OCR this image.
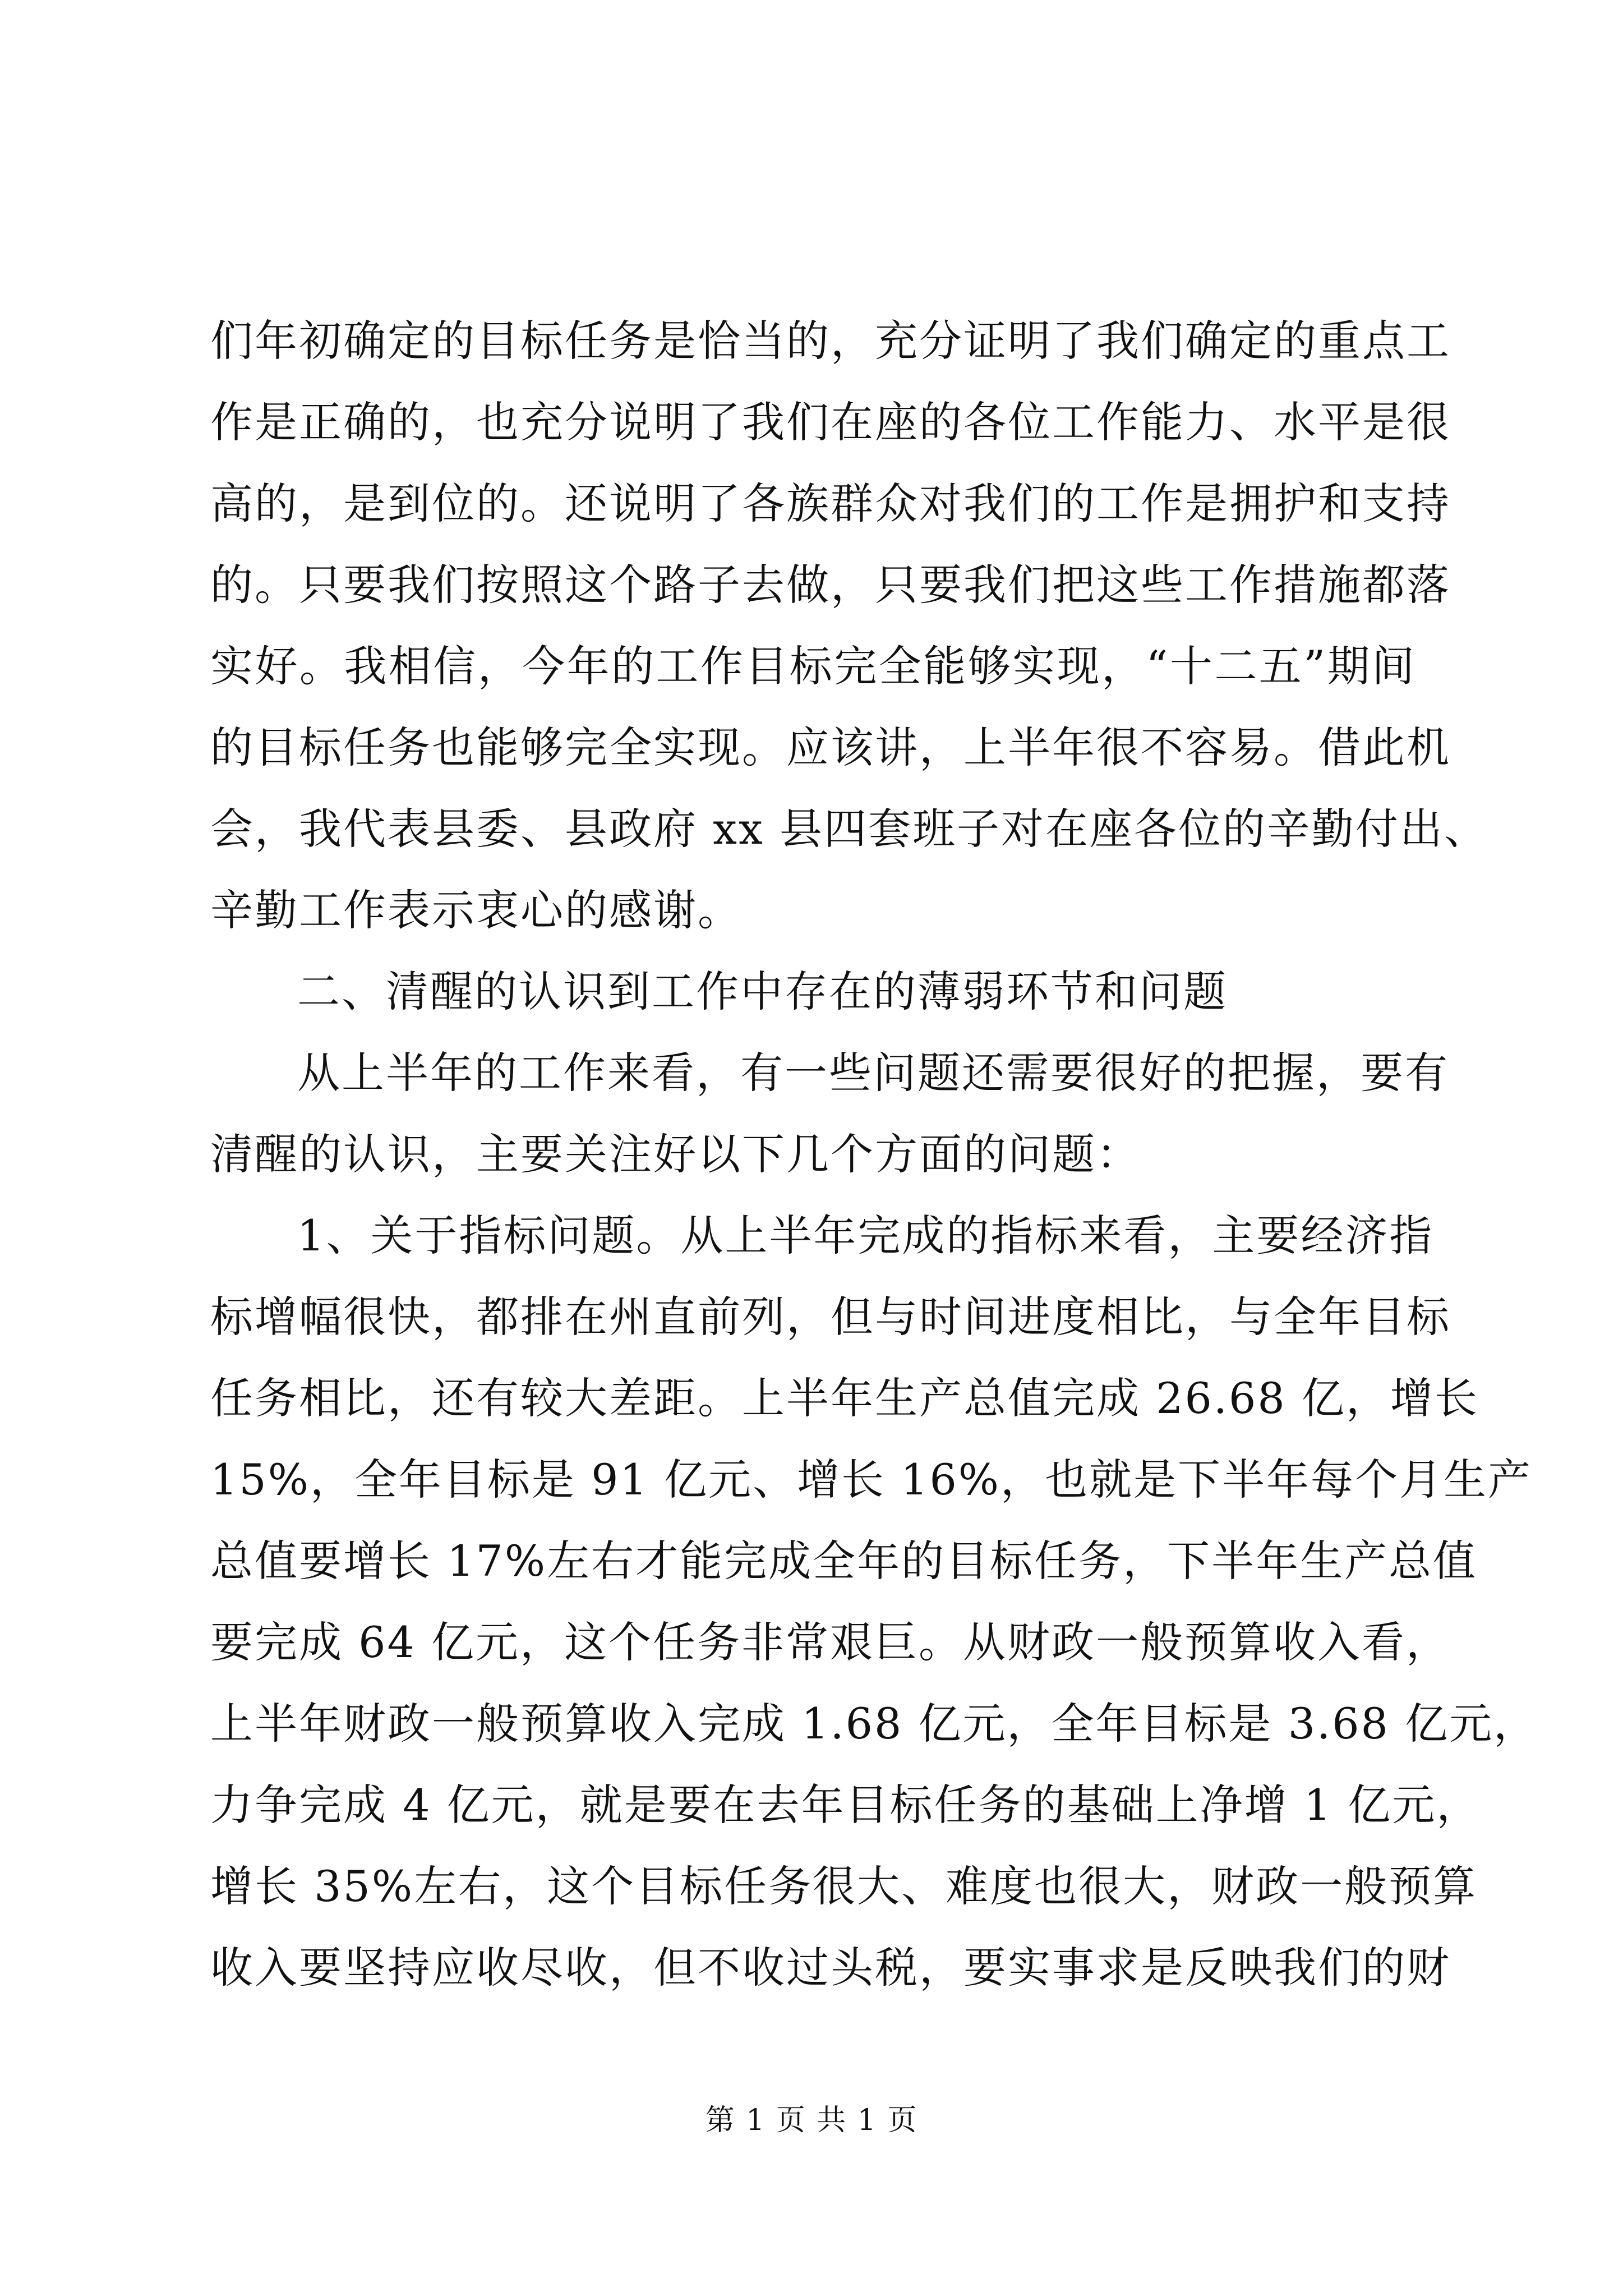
们年初确定的目标任务是恰当的，充分证明了我们确定的重点工
作是正确的，也充分说明了我们在座的各位工作能力、水平是很
高的，是到位的。还说明了各族群众对我们的工作是拥护和支持
的。只要我们按照这个路子去做，只要我们把这些工作措施都落
实好。我相信，今年的工作目标完全能够实现，“十二五”期间
的目标任务也能够完全实现。应该讲，上半年很不容易。借此机
会，我代表县委、县政府 xx 县四套班子对在座各位的辛勤付出、
辛勤工作表示衷心的感谢。
二、清醒的认识到工作中存在的薄弱环节和问题
从上半年的工作来看，有一些问题还需要很好的把握，要有
清醒的认识，主要关注好以下几个方面的问题：
1、关于指标问题。从上半年完成的指标来看，主要经济指
标增幅很快，都排在州直前列，但与时间进度相比，与全年目标
任务相比，还有较大差距。上半年生产总值完成 26.68 亿，增长
15%，全年目标是 91 亿元、增长 16%，也就是下半年每个月生产
总值要增长 17%左右才能完成全年的目标任务，下半年生产总值
要完成 64 亿元，这个任务非常艰巨。从财政一般预算收入看，
上半年财政一般预算收入完成 1.68 亿元，全年目标是 3.68 亿元，
力争完成 4 亿元，就是要在去年目标任务的基础上净增 1 亿元，
增长 35%左右，这个目标任务很大、难度也很大，财政一般预算
收入要坚持应收尽收，但不收过头税，要实事求是反映我们的财
第 1 页 共 1 页
